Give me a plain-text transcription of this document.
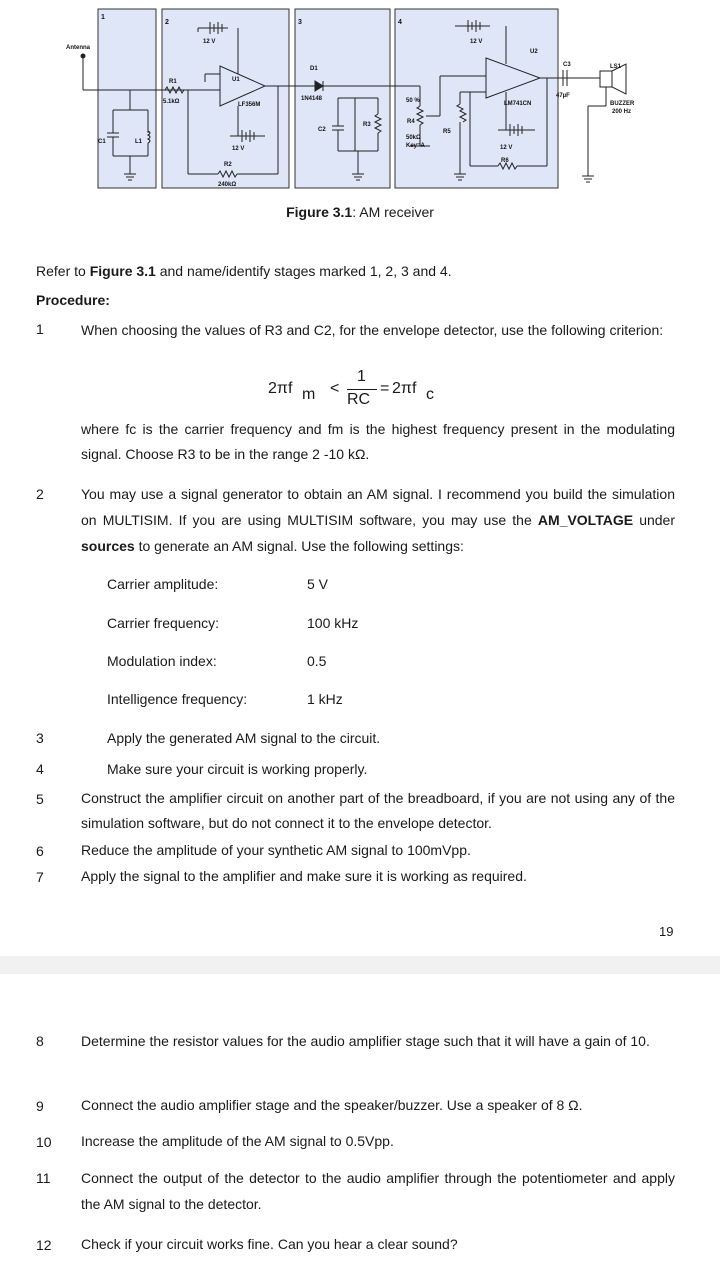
1
2	3	4
Antenna
R1
5.1kΩ
U1
LF356M
12 V
12 V
R2
240kΩ
C1	L1
D1
1N4148
C2
R3
50 %
R4
50kΩ
Key=A
R5
U2
LM741CN
12 V
12 V
R6
C3
47µF
LS1
BUZZER
200 Hz
Figure 3.1: AM receiver
Refer to Figure 3.1 and name/identify stages marked 1, 2, 3 and 4.
Procedure:
1	When choosing the values of R3 and C2, for the envelope detector, use the following criterion:
2πf m <
1
RC
= 2πf c
where fc is the carrier frequency and fm is the highest frequency present in the modulating signal. Choose R3 to be in the range 2 -10 kΩ.
2	You may use a signal generator to obtain an AM signal. I recommend you build the simulation on MULTISIM. If you are using MULTISIM software, you may use the AM_VOLTAGE under sources to generate an AM signal. Use the following settings:
Carrier amplitude:	5 V
Carrier frequency:	100 kHz
Modulation index:	0.5
Intelligence frequency:	1 kHz
3	Apply the generated AM signal to the circuit.
4	Make sure your circuit is working properly.
5	Construct the amplifier circuit on another part of the breadboard, if you are not using any of the simulation software, but do not connect it to the envelope detector.
6	Reduce the amplitude of your synthetic AM signal to 100mVpp.
7	Apply the signal to the amplifier and make sure it is working as required.
19
8	Determine the resistor values for the audio amplifier stage such that it will have a gain of 10.
9	Connect the audio amplifier stage and the speaker/buzzer. Use a speaker of 8 Ω.
10 Increase the amplitude of the AM signal to 0.5Vpp.
11 Connect the output of the detector to the audio amplifier through the potentiometer and apply the AM signal to the detector.
12 Check if your circuit works fine. Can you hear a clear sound?
